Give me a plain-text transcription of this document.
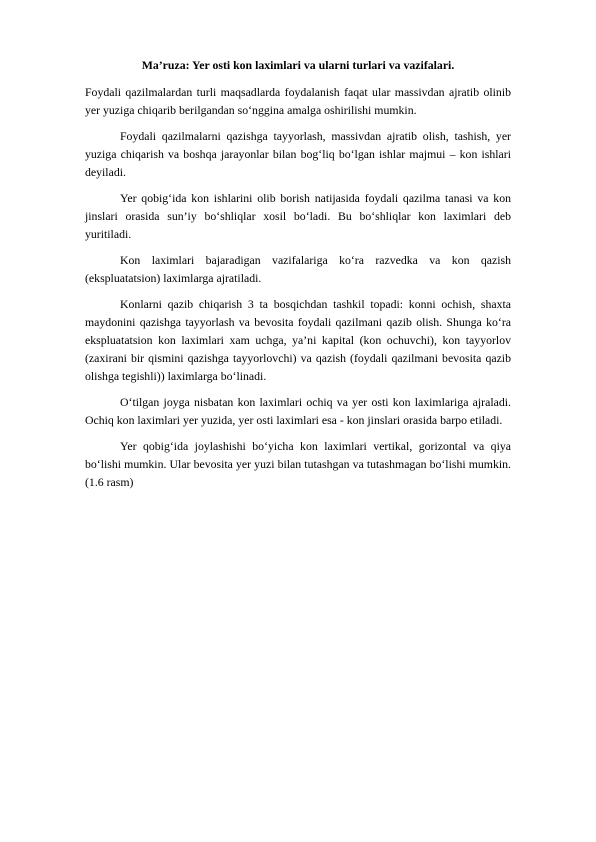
Ma’ruza: Yer osti kon laximlari va ularni turlari va vazifalari.

Foydali qazilmalardan turli maqsadlarda foydalanish faqat ular massivdan ajratib olinib yer yuziga chiqarib berilgandan so‘nggina amalga oshirilishi mumkin.

Foydali qazilmalarni qazishga tayyorlash, massivdan ajratib olish, tashish, yer yuziga chiqarish va boshqa jarayonlar bilan bog‘liq bo‘lgan ishlar majmui – kon ishlari deyiladi.

Yer qobig‘ida kon ishlarini olib borish natijasida foydali qazilma tanasi va kon jinslari orasida sun’iy bo‘shliqlar xosil bo‘ladi. Bu bo‘shliqlar kon laximlari deb yuritiladi.

Kon laximlari bajaradigan vazifalariga ko‘ra razvedka va kon qazish (ekspluatatsion) laximlarga ajratiladi.

Konlarni qazib chiqarish 3 ta bosqichdan tashkil topadi: konni ochish, shaxta maydonini qazishga tayyorlash va bevosita foydali qazilmani qazib olish. Shunga ko‘ra ekspluatatsion kon laximlari xam uchga, ya’ni kapital (kon ochuvchi), kon tayyorlov (zaxirani bir qismini qazishga tayyorlovchi) va qazish (foydali qazilmani bevosita qazib olishga tegishli)) laximlarga bo‘linadi.

O‘tilgan joyga nisbatan kon laximlari ochiq va yer osti kon laximlariga ajraladi. Ochiq kon laximlari yer yuzida, yer osti laximlari esa - kon jinslari orasida barpo etiladi.

Yer qobig‘ida joylashishi bo‘yicha kon laximlari vertikal, gorizontal va qiya bo‘lishi mumkin. Ular bevosita yer yuzi bilan tutashgan va tutashmagan bo‘lishi mumkin. (1.6 rasm)
